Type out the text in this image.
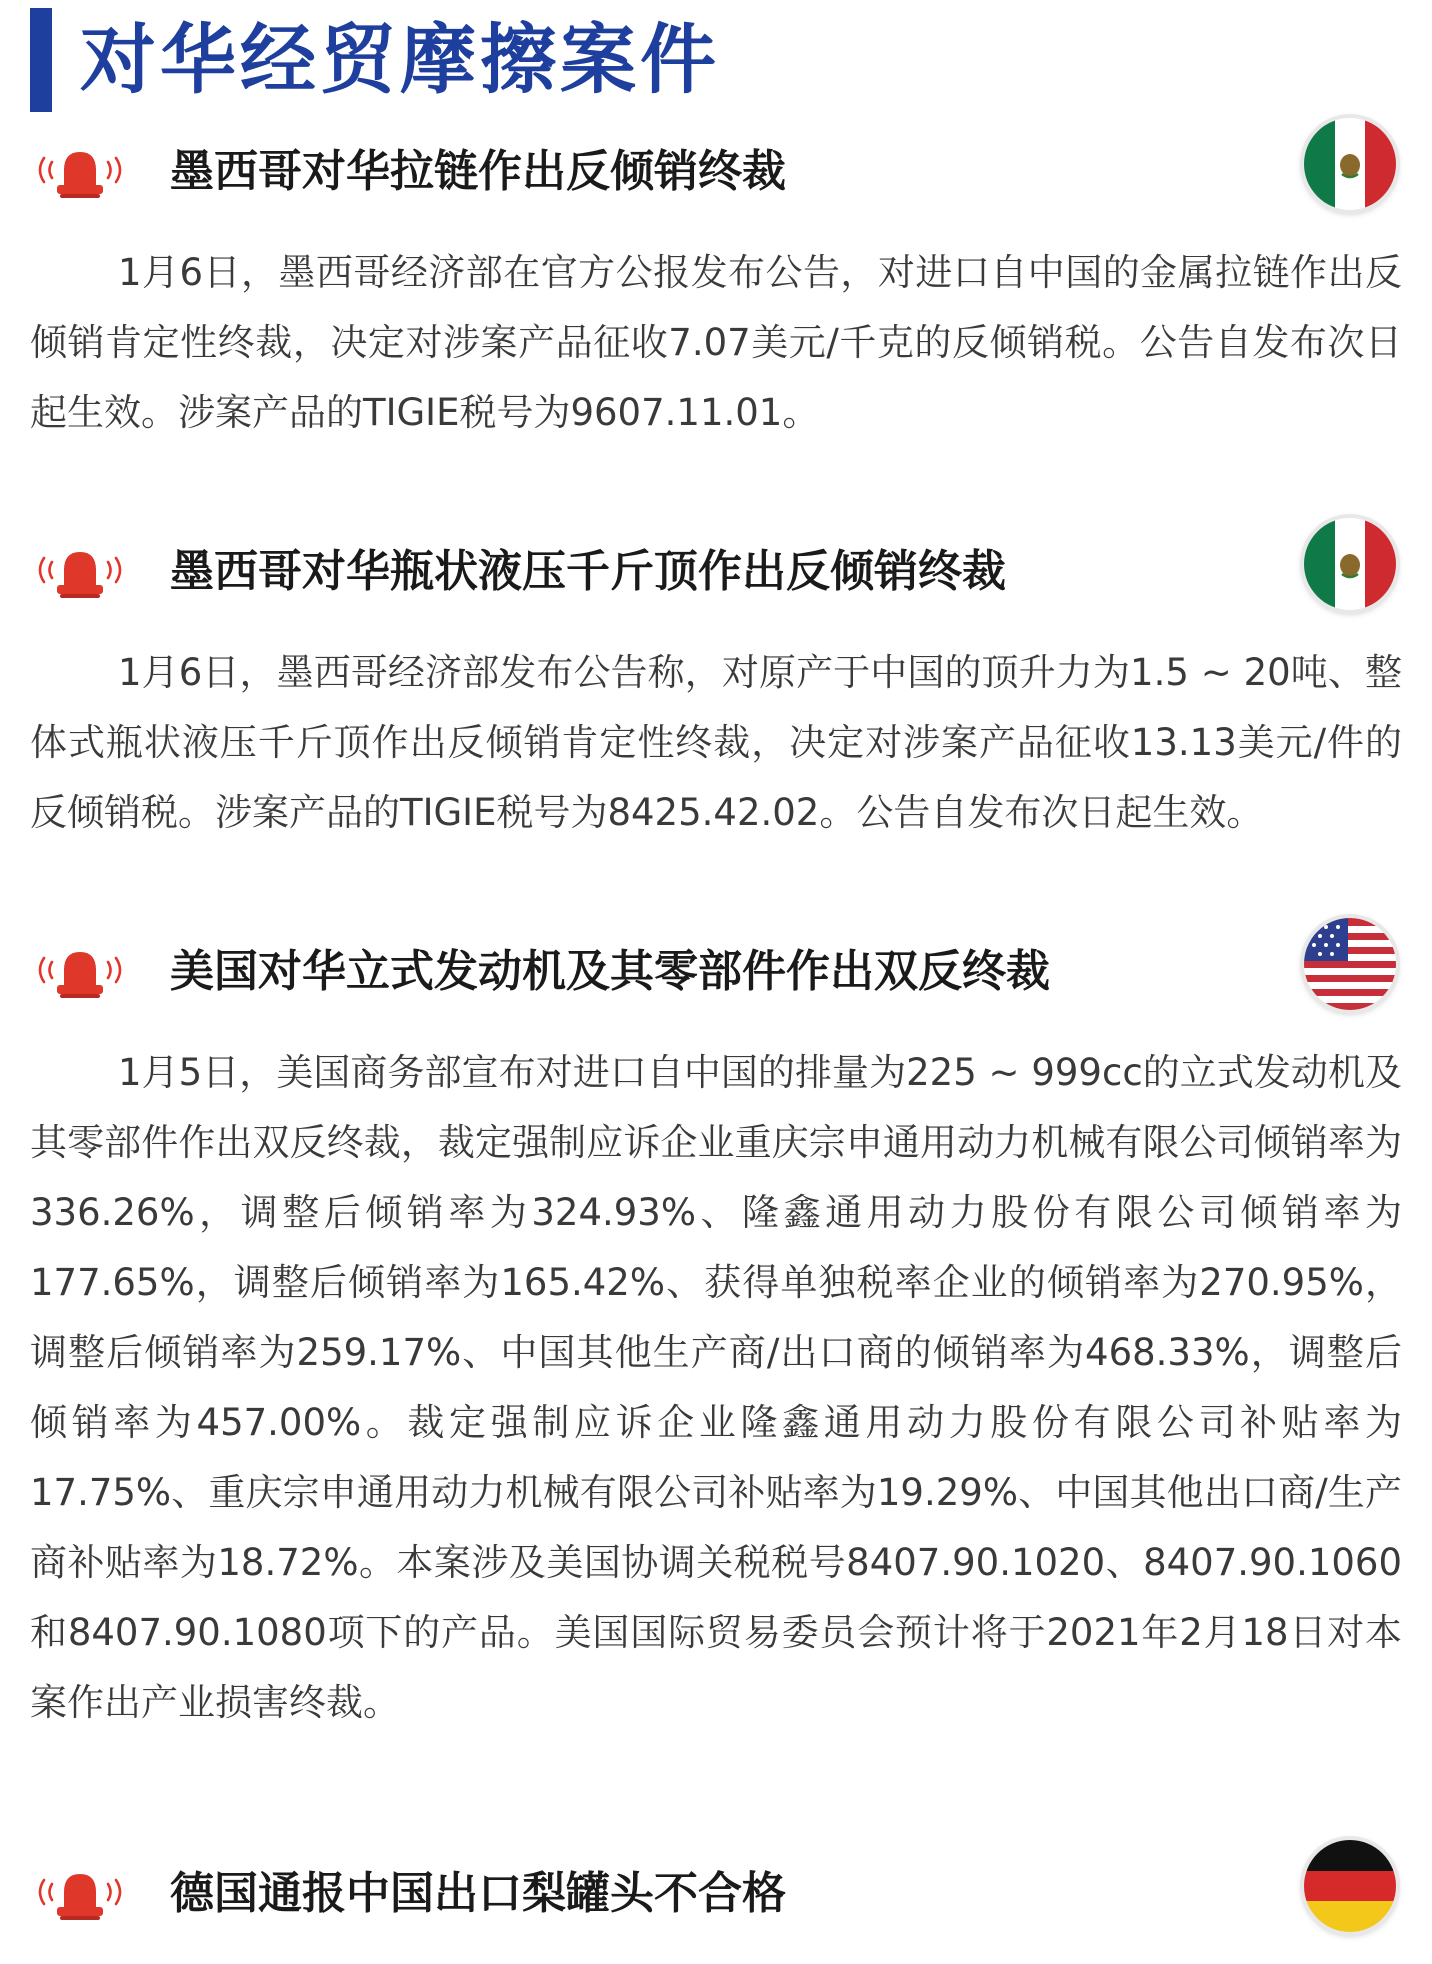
对华经贸摩擦案件
墨西哥对华拉链作出反倾销终裁

1月6日，墨西哥经济部在官方公报发布公告，对进口自中国的金属拉链作出反倾销肯定性终裁，决定对涉案产品征收7.07美元/千克的反倾销税。公告自发布次日起生效。涉案产品的TIGIE税号为9607.11.01。

墨西哥对华瓶状液压千斤顶作出反倾销终裁

1月6日，墨西哥经济部发布公告称，对原产于中国的顶升力为1.5 ~ 20吨、整体式瓶状液压千斤顶作出反倾销肯定性终裁，决定对涉案产品征收13.13美元/件的反倾销税。涉案产品的TIGIE税号为8425.42.02。公告自发布次日起生效。

美国对华立式发动机及其零部件作出双反终裁

1月5日，美国商务部宣布对进口自中国的排量为225 ~ 999cc的立式发动机及其零部件作出双反终裁，裁定强制应诉企业重庆宗申通用动力机械有限公司倾销率为336.26%，调整后倾销率为324.93%、隆鑫通用动力股份有限公司倾销率为177.65%，调整后倾销率为165.42%、获得单独税率企业的倾销率为270.95%，调整后倾销率为259.17%、中国其他生产商/出口商的倾销率为468.33%，调整后倾销率为457.00%。裁定强制应诉企业隆鑫通用动力股份有限公司补贴率为17.75%、重庆宗申通用动力机械有限公司补贴率为19.29%、中国其他出口商/生产商补贴率为18.72%。本案涉及美国协调关税税号8407.90.1020、8407.90.1060和8407.90.1080项下的产品。美国国际贸易委员会预计将于2021年2月18日对本案作出产业损害终裁。

德国通报中国出口梨罐头不合格
